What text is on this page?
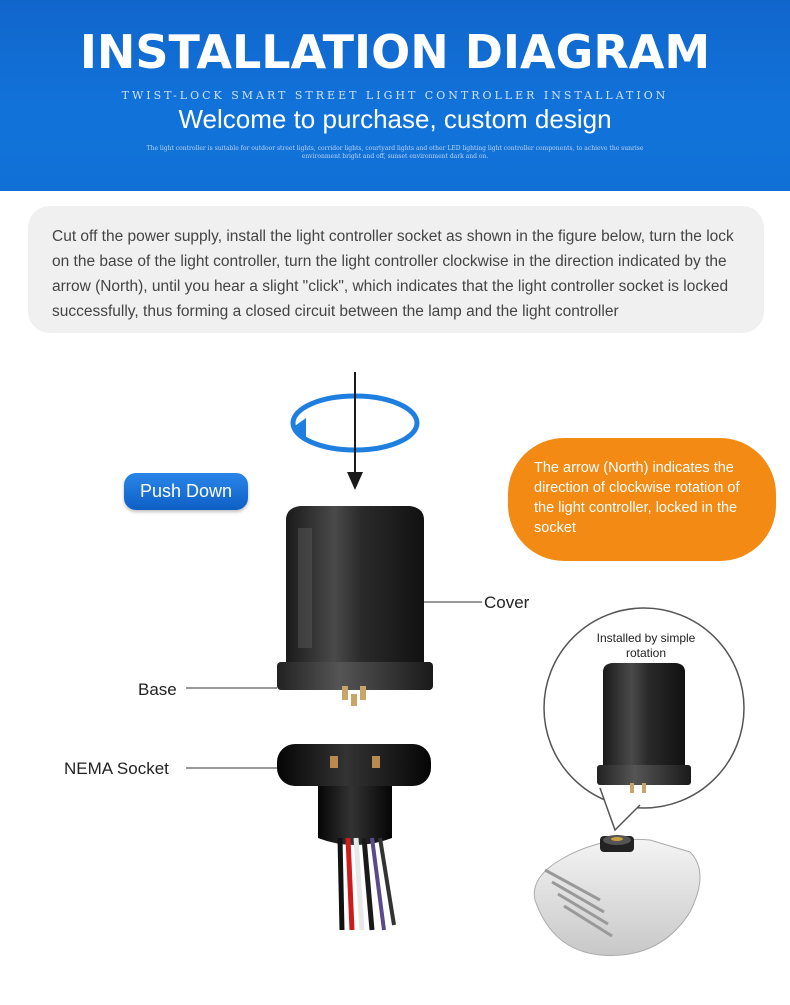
INSTALLATION DIAGRAM
TWIST-LOCK SMART STREET LIGHT CONTROLLER INSTALLATION
Welcome to purchase, custom design
The light controller is suitable for outdoor street lights, corridor lights, courtyard lights and other LED lighting light controller components, to achieve the sunrise environment bright and off, sunset environment dark and on.
Cut off the power supply, install the light controller socket as shown in the figure below, turn the lock on the base of the light controller, turn the light controller clockwise in the direction indicated by the arrow (North), until you hear a slight "click", which indicates that the light controller socket is locked successfully, thus forming a closed circuit between the lamp and the light controller
Push Down
The arrow (North) indicates the direction of clockwise rotation of the light controller, locked in the socket
Cover
Base
NEMA Socket
Installed by simple rotation
